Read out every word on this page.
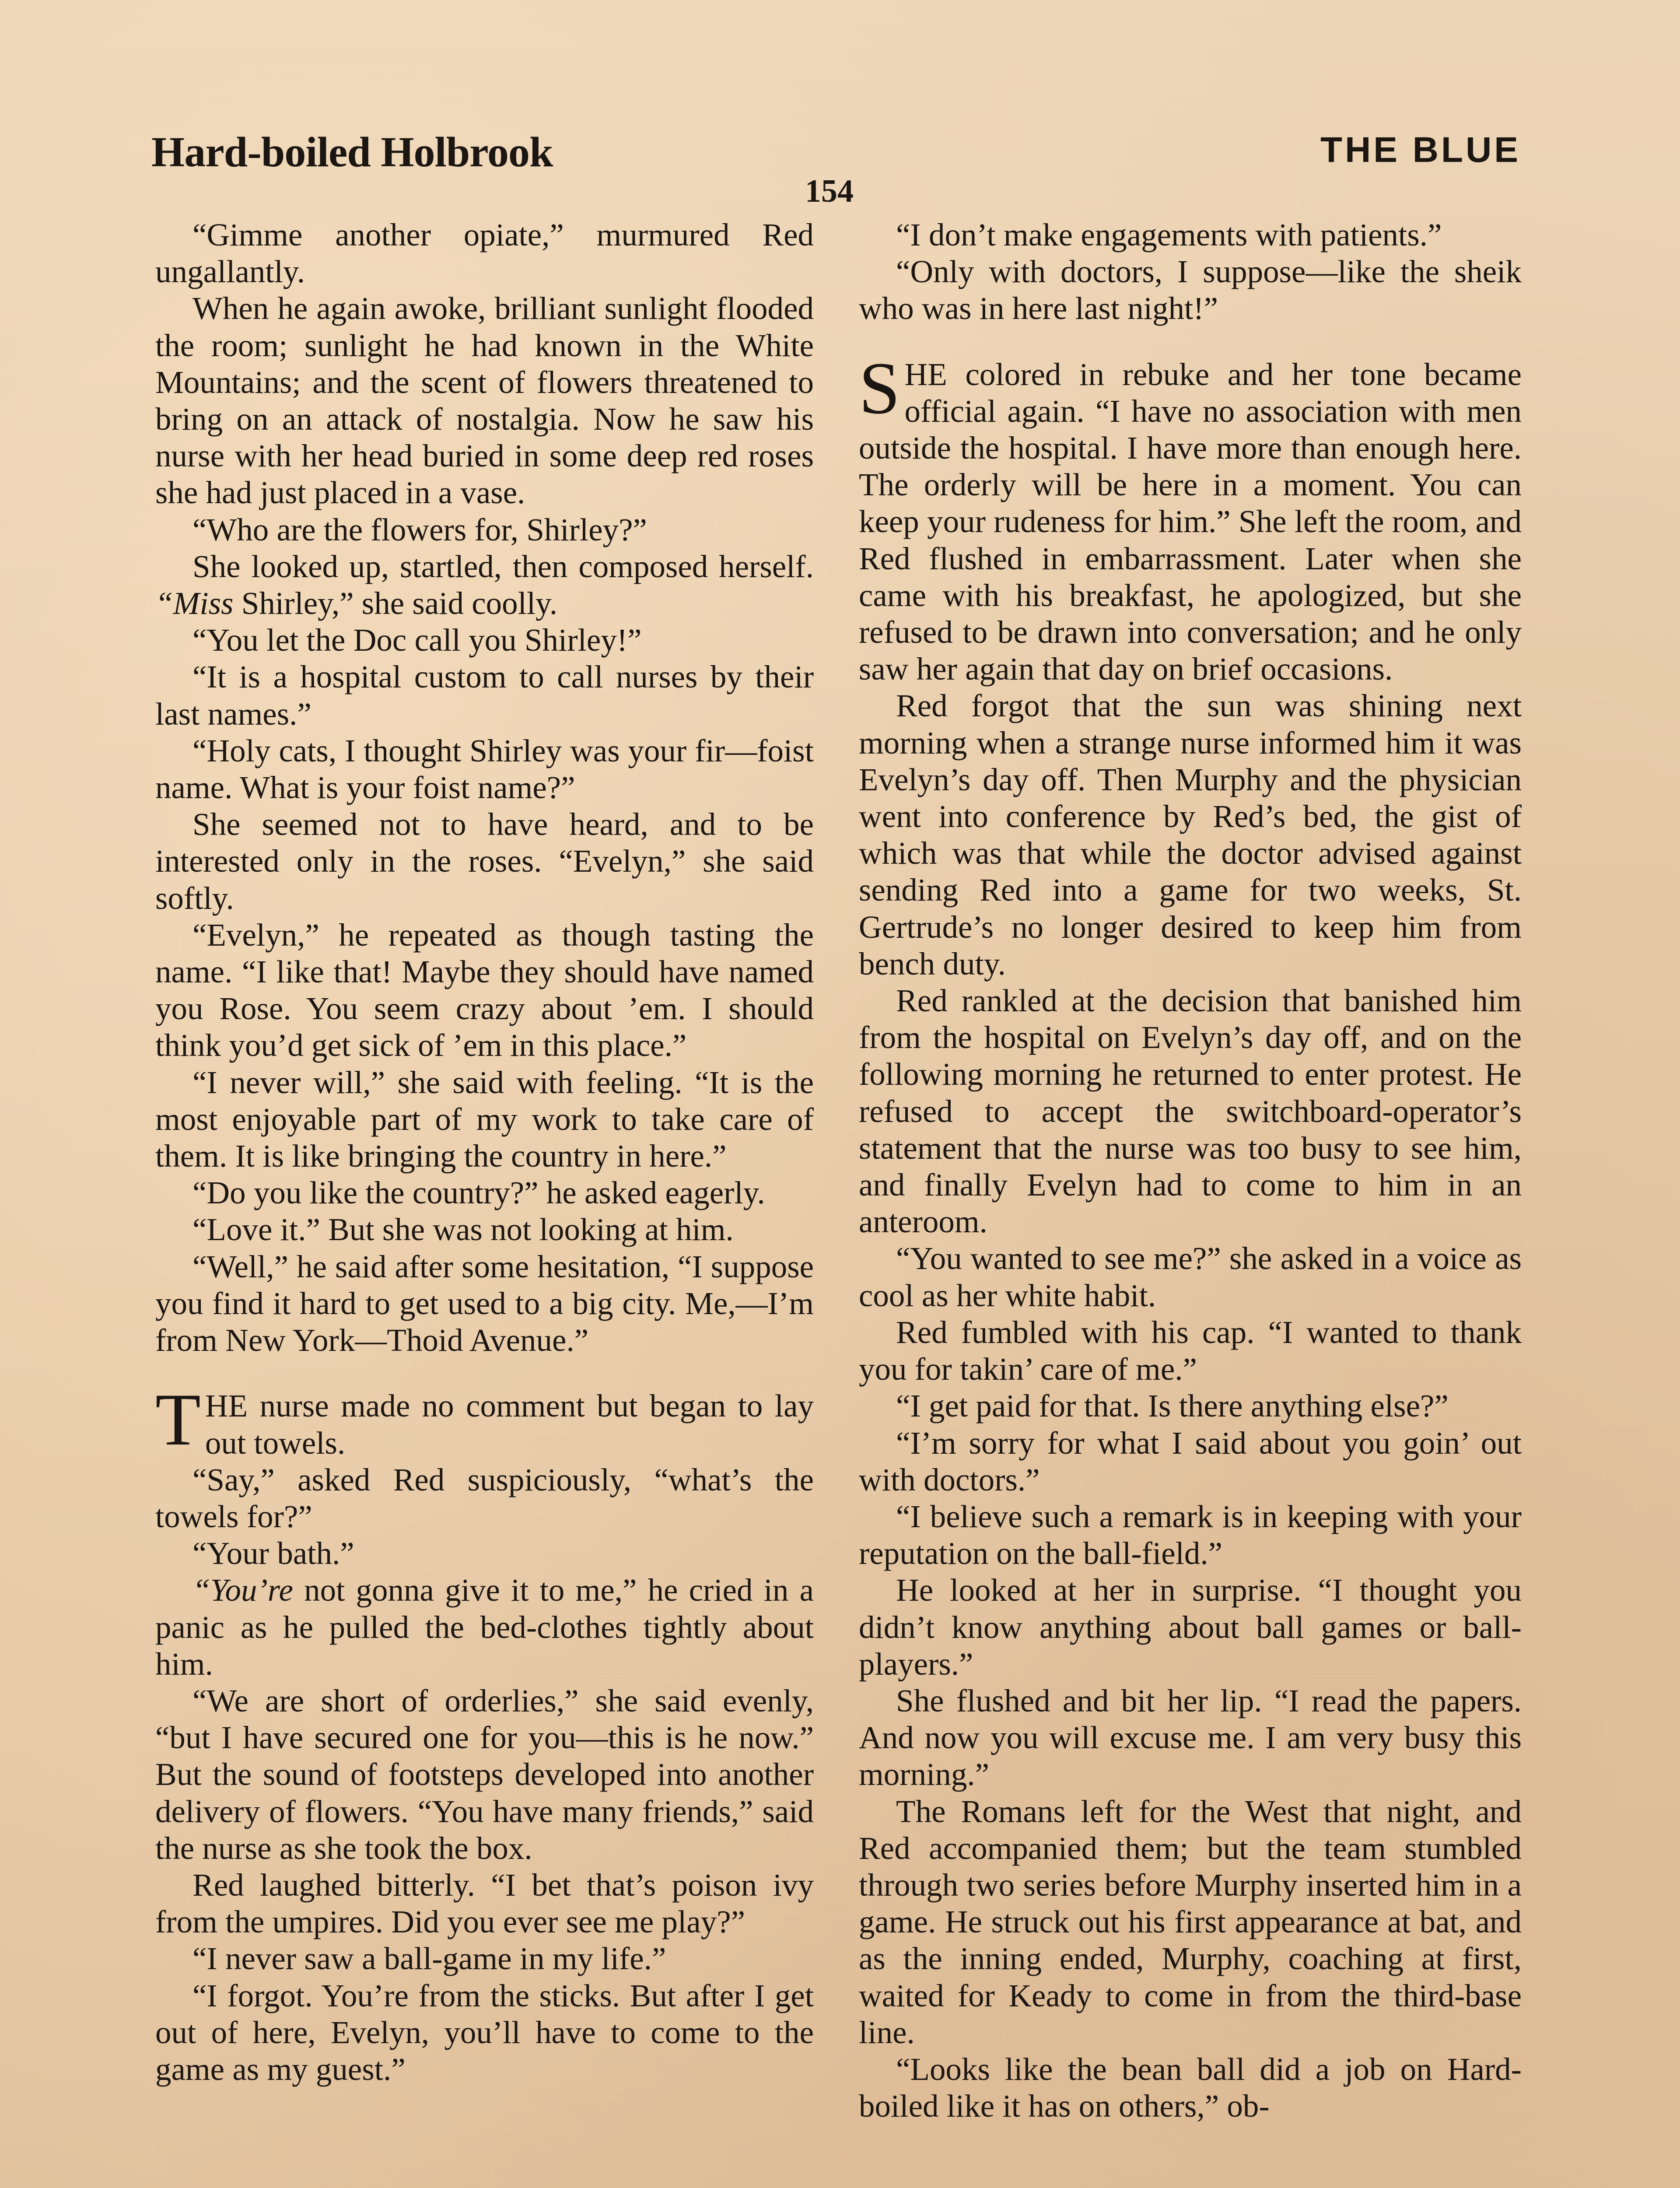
Hard-boiled Holbrook	THE BLUE
154

“Gimme another opiate,” murmured Red ungallantly.

When he again awoke, brilliant sunlight flooded the room; sunlight he had known in the White Mountains; and the scent of flowers threatened to bring on an attack of nostalgia. Now he saw his nurse with her head buried in some deep red roses she had just placed in a vase.

“Who are the flowers for, Shirley?”

She looked up, startled, then composed herself. “Miss Shirley,” she said coolly.

“You let the Doc call you Shirley!”

“It is a hospital custom to call nurses by their last names.”

“Holy cats, I thought Shirley was your fir—foist name. What is your foist name?”

She seemed not to have heard, and to be interested only in the roses. “Evelyn,” she said softly.

“Evelyn,” he repeated as though tasting the name. “I like that! Maybe they should have named you Rose. You seem crazy about ’em. I should think you’d get sick of ’em in this place.”

“I never will,” she said with feeling. “It is the most enjoyable part of my work to take care of them. It is like bringing the country in here.”

“Do you like the country?” he asked eagerly.

“Love it.” But she was not looking at him.

“Well,” he said after some hesitation, “I suppose you find it hard to get used to a big city. Me,—I’m from New York—Thoid Avenue.”

THE nurse made no comment but began to lay out towels.

“Say,” asked Red suspiciously, “what’s the towels for?”

“Your bath.”

“You’re not gonna give it to me,” he cried in a panic as he pulled the bed-clothes tightly about him.

“We are short of orderlies,” she said evenly, “but I have secured one for you—this is he now.” But the sound of footsteps developed into another delivery of flowers. “You have many friends,” said the nurse as she took the box.

Red laughed bitterly. “I bet that’s poison ivy from the umpires. Did you ever see me play?”

“I never saw a ball-game in my life.”

“I forgot. You’re from the sticks. But after I get out of here, Evelyn, you’ll have to come to the game as my guest.”

“I don’t make engagements with patients.”

“Only with doctors, I suppose—like the sheik who was in here last night!”

SHE colored in rebuke and her tone became official again. “I have no association with men outside the hospital. I have more than enough here. The orderly will be here in a moment. You can keep your rudeness for him.” She left the room, and Red flushed in embarrassment. Later when she came with his breakfast, he apologized, but she refused to be drawn into conversation; and he only saw her again that day on brief occasions.

Red forgot that the sun was shining next morning when a strange nurse informed him it was Evelyn’s day off. Then Murphy and the physician went into conference by Red’s bed, the gist of which was that while the doctor advised against sending Red into a game for two weeks, St. Gertrude’s no longer desired to keep him from bench duty.

Red rankled at the decision that banished him from the hospital on Evelyn’s day off, and on the following morning he returned to enter protest. He refused to accept the switchboard-operator’s statement that the nurse was too busy to see him, and finally Evelyn had to come to him in an anteroom.

“You wanted to see me?” she asked in a voice as cool as her white habit.

Red fumbled with his cap. “I wanted to thank you for takin’ care of me.”

“I get paid for that. Is there anything else?”

“I’m sorry for what I said about you goin’ out with doctors.”

“I believe such a remark is in keeping with your reputation on the ball-field.”

He looked at her in surprise. “I thought you didn’t know anything about ball games or ball-players.”

She flushed and bit her lip. “I read the papers. And now you will excuse me. I am very busy this morning.”

The Romans left for the West that night, and Red accompanied them; but the team stumbled through two series before Murphy inserted him in a game. He struck out his first appearance at bat, and as the inning ended, Murphy, coaching at first, waited for Keady to come in from the third-base line.

“Looks like the bean ball did a job on Hard-boiled like it has on others,” ob-
